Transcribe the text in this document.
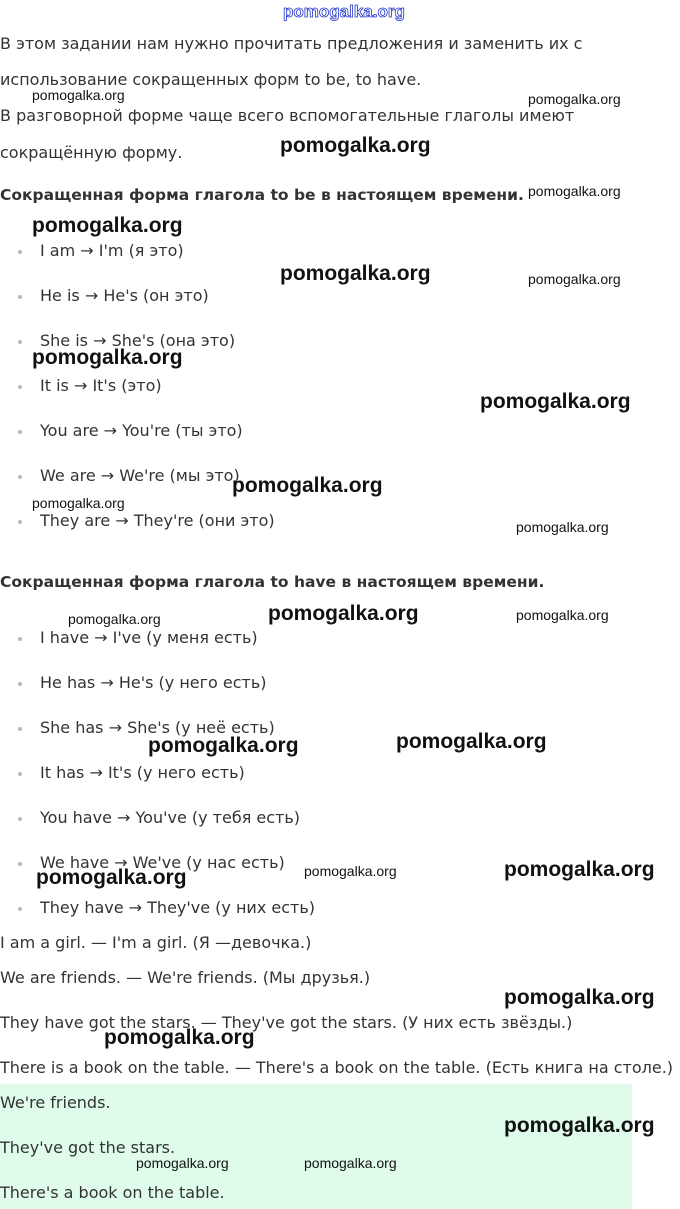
pomogalka.org
В этом задании нам нужно прочитать предложения и заменить их с
использование сокращенных форм to be, to have.
В разговорной форме чаще всего вспомогательные глаголы имеют
сокращённую форму.
Сокращенная форма глагола to be в настоящем времени.
I am → I'm (я это)
He is → He's (он это)
She is → She's (она это)
It is → It's (это)
You are → You're (ты это)
We are → We're (мы это)
They are → They're (они это)
Сокращенная форма глагола to have в настоящем времени.
I have → I've (у меня есть)
He has → He's (у него есть)
She has → She's (у неё есть)
It has → It's (у него есть)
You have → You've (у тебя есть)
We have → We've (у нас есть)
They have → They've (у них есть)
I am a girl. — I'm a girl. (Я —девочка.)
We are friends. — We're friends. (Мы друзья.)
They have got the stars. — They've got the stars. (У них есть звёзды.)
There is a book on the table. — There's a book on the table. (Есть книга на столе.)
We're friends.
They've got the stars.
There's a book on the table.
pomogalka.org	pomogalka.org
pomogalka.org
pomogalka.org
pomogalka.org
pomogalka.org
pomogalka.org	pomogalka.org
pomogalka.org
pomogalka.org	pomogalka.org
pomogalka.org
pomogalka.org
pomogalka.org
pomogalka.org
pomogalka.org
pomogalka.org
pomogalka.org
pomogalka.org	pomogalka.org
pomogalka.org	pomogalka.org
pomogalka.org
pomogalka.org
pomogalka.org
